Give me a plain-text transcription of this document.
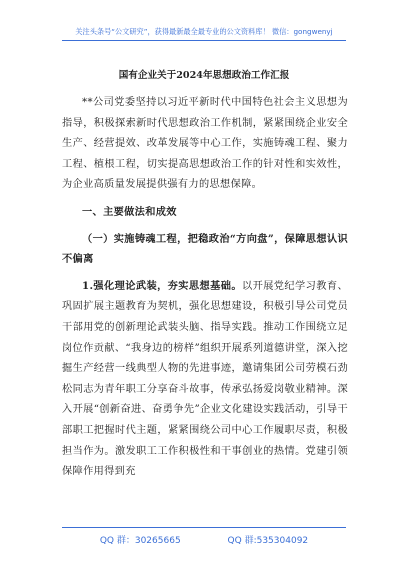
关注头条号“公文研究”，获得最新最全最专业的公文资料库！ 微信：gongwenyj
国有企业关于2024年思想政治工作汇报

**公司党委坚持以习近平新时代中国特色社会主义思想为指导，积极探索新时代思想政治工作机制，紧紧围绕企业安全生产、经营提效、改革发展等中心工作，实施铸魂工程、聚力工程、植根工程，切实提高思想政治工作的针对性和实效性，为企业高质量发展提供强有力的思想保障。

一、主要做法和成效

（一）实施铸魂工程，把稳政治“方向盘”，保障思想认识不偏离

1.强化理论武装，夯实思想基础。以开展党纪学习教育、巩固扩展主题教育为契机，强化思想建设，积极引导公司党员干部用党的创新理论武装头脑、指导实践。推动工作围绕立足岗位作贡献、“我身边的榜样”组织开展系列道德讲堂，深入挖掘生产经营一线典型人物的先进事迹，邀请集团公司劳模石劲松同志为青年职工分享奋斗故事，传承弘扬爱岗敬业精神。深入开展“创新奋进、奋勇争先”企业文化建设实践活动，引导干部职工把握时代主题，紧紧围绕公司中心工作履职尽责，积极担当作为。激发职工工作积极性和干事创业的热情。党建引领保障作用得到充

QQ 群：30265665	QQ 群:535304092
